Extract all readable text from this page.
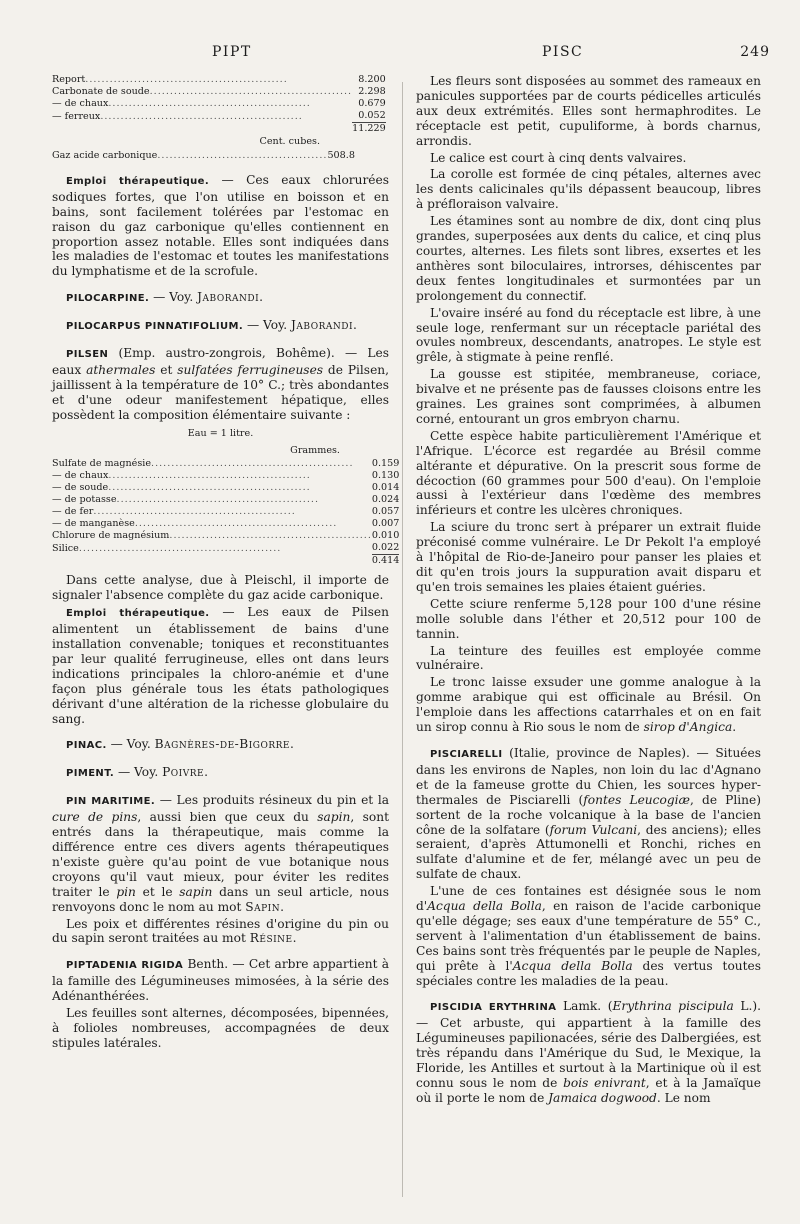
PIPT	PISC	249
Report..................................................	8.200
Carbonate de soude..................................................	2.298
— de chaux..................................................	0.679
— ferreux..................................................	0.052
	11.229
Cent. cubes.
Gaz acide carbonique..........................................	508.8

Emploi thérapeutique. — Ces eaux chlorurées sodiques fortes, que l'on utilise en boisson et en bains, sont facilement tolérées par l'estomac en raison du gaz carbonique qu'elles contiennent en proportion assez notable. Elles sont indiquées dans les maladies de l'estomac et toutes les manifestations du lymphatisme et de la scrofule.

PILOCARPINE. — Voy. Jaborandi.

PILOCARPUS PINNATIFOLIUM. — Voy. Jaborandi.

PILSEN (Emp. austro-zongrois, Bohême). — Les eaux athermales et sulfatées ferrugineuses de Pilsen, jaillissent à la température de 10° C.; très abondantes et d'une odeur manifestement hépatique, elles possèdent la composition élémentaire suivante :

Eau = 1 litre.
Grammes.
Sulfate de magnésie..................................................	0.159
— de chaux..................................................	0.130
— de soude..................................................	0.014
— de potasse..................................................	0.024
— de fer..................................................	0.057
— de manganèse..................................................	0.007
Chlorure de magnésium..................................................	0.010
Silice..................................................	0.022
	0.414

Dans cette analyse, due à Pleischl, il importe de signaler l'absence complète du gaz acide carbonique.

Emploi thérapeutique. — Les eaux de Pilsen alimentent un établissement de bains d'une installation convenable; toniques et reconstituantes par leur qualité ferrugineuse, elles ont dans leurs indications principales la chloro-anémie et d'une façon plus générale tous les états pathologiques dérivant d'une altération de la richesse globulaire du sang.

PINAC. — Voy. Bagnères-de-Bigorre.

PIMENT. — Voy. Poivre.

PIN MARITIME. — Les produits résineux du pin et la cure de pins, aussi bien que ceux du sapin, sont entrés dans la thérapeutique, mais comme la différence entre ces divers agents thérapeutiques n'existe guère qu'au point de vue botanique nous croyons qu'il vaut mieux, pour éviter les redites traiter le pin et le sapin dans un seul article, nous renvoyons donc le nom au mot Sapin.

Les poix et différentes résines d'origine du pin ou du sapin seront traitées au mot Résine.

PIPTADENIA RIGIDA Benth. — Cet arbre appartient à la famille des Légumineuses mimosées, à la série des Adénanthérées.

Les feuilles sont alternes, décomposées, bipennées, à folioles nombreuses, accompagnées de deux stipules latérales.

Les fleurs sont disposées au sommet des rameaux en panicules supportées par de courts pédicelles articulés aux deux extrémités. Elles sont hermaphrodites. Le réceptacle est petit, cupuliforme, à bords charnus, arrondis.

Le calice est court à cinq dents valvaires.

La corolle est formée de cinq pétales, alternes avec les dents calicinales qu'ils dépassent beaucoup, libres à préfloraison valvaire.

Les étamines sont au nombre de dix, dont cinq plus grandes, superposées aux dents du calice, et cinq plus courtes, alternes. Les filets sont libres, exsertes et les anthères sont biloculaires, introrses, déhiscentes par deux fentes longitudinales et surmontées par un prolongement du connectif.

L'ovaire inséré au fond du réceptacle est libre, à une seule loge, renfermant sur un réceptacle pariétal des ovules nombreux, descendants, anatropes. Le style est grêle, à stigmate à peine renflé.

La gousse est stipitée, membraneuse, coriace, bivalve et ne présente pas de fausses cloisons entre les graines. Les graines sont comprimées, à albumen corné, entourant un gros embryon charnu.

Cette espèce habite particulièrement l'Amérique et l'Afrique. L'écorce est regardée au Brésil comme altérante et dépurative. On la prescrit sous forme de décoction (60 grammes pour 500 d'eau). On l'emploie aussi à l'extérieur dans l'œdème des membres inférieurs et contre les ulcères chroniques.

La sciure du tronc sert à préparer un extrait fluide préconisé comme vulnéraire. Le Dr Pekolt l'a employé à l'hôpital de Rio-de-Janeiro pour panser les plaies et dit qu'en trois jours la suppuration avait disparu et qu'en trois semaines les plaies étaient guéries.

Cette sciure renferme 5,128 pour 100 d'une résine molle soluble dans l'éther et 20,512 pour 100 de tannin.

La teinture des feuilles est employée comme vulnéraire.

Le tronc laisse exsuder une gomme analogue à la gomme arabique qui est officinale au Brésil. On l'emploie dans les affections catarrhales et on en fait un sirop connu à Rio sous le nom de sirop d'Angica.

PISCIARELLI (Italie, province de Naples). — Situées dans les environs de Naples, non loin du lac d'Agnano et de la fameuse grotte du Chien, les sources hyper-thermales de Pisciarelli (fontes Leucogiæ, de Pline) sortent de la roche volcanique à la base de l'ancien cône de la solfatare (forum Vulcani, des anciens); elles seraient, d'après Attumonelli et Ronchi, riches en sulfate d'alumine et de fer, mélangé avec un peu de sulfate de chaux.

L'une de ces fontaines est désignée sous le nom d'Acqua della Bolla, en raison de l'acide carbonique qu'elle dégage; ses eaux d'une température de 55° C., servent à l'alimentation d'un établissement de bains. Ces bains sont très fréquentés par le peuple de Naples, qui prête à l'Acqua della Bolla des vertus toutes spéciales contre les maladies de la peau.

PISCIDIA ERYTHRINA Lamk. (Erythrina piscipula L.). — Cet arbuste, qui appartient à la famille des Légumineuses papilionacées, série des Dalbergiées, est très répandu dans l'Amérique du Sud, le Mexique, la Floride, les Antilles et surtout à la Martinique où il est connu sous le nom de bois enivrant, et à la Jamaïque où il porte le nom de Jamaica dogwood. Le nom
